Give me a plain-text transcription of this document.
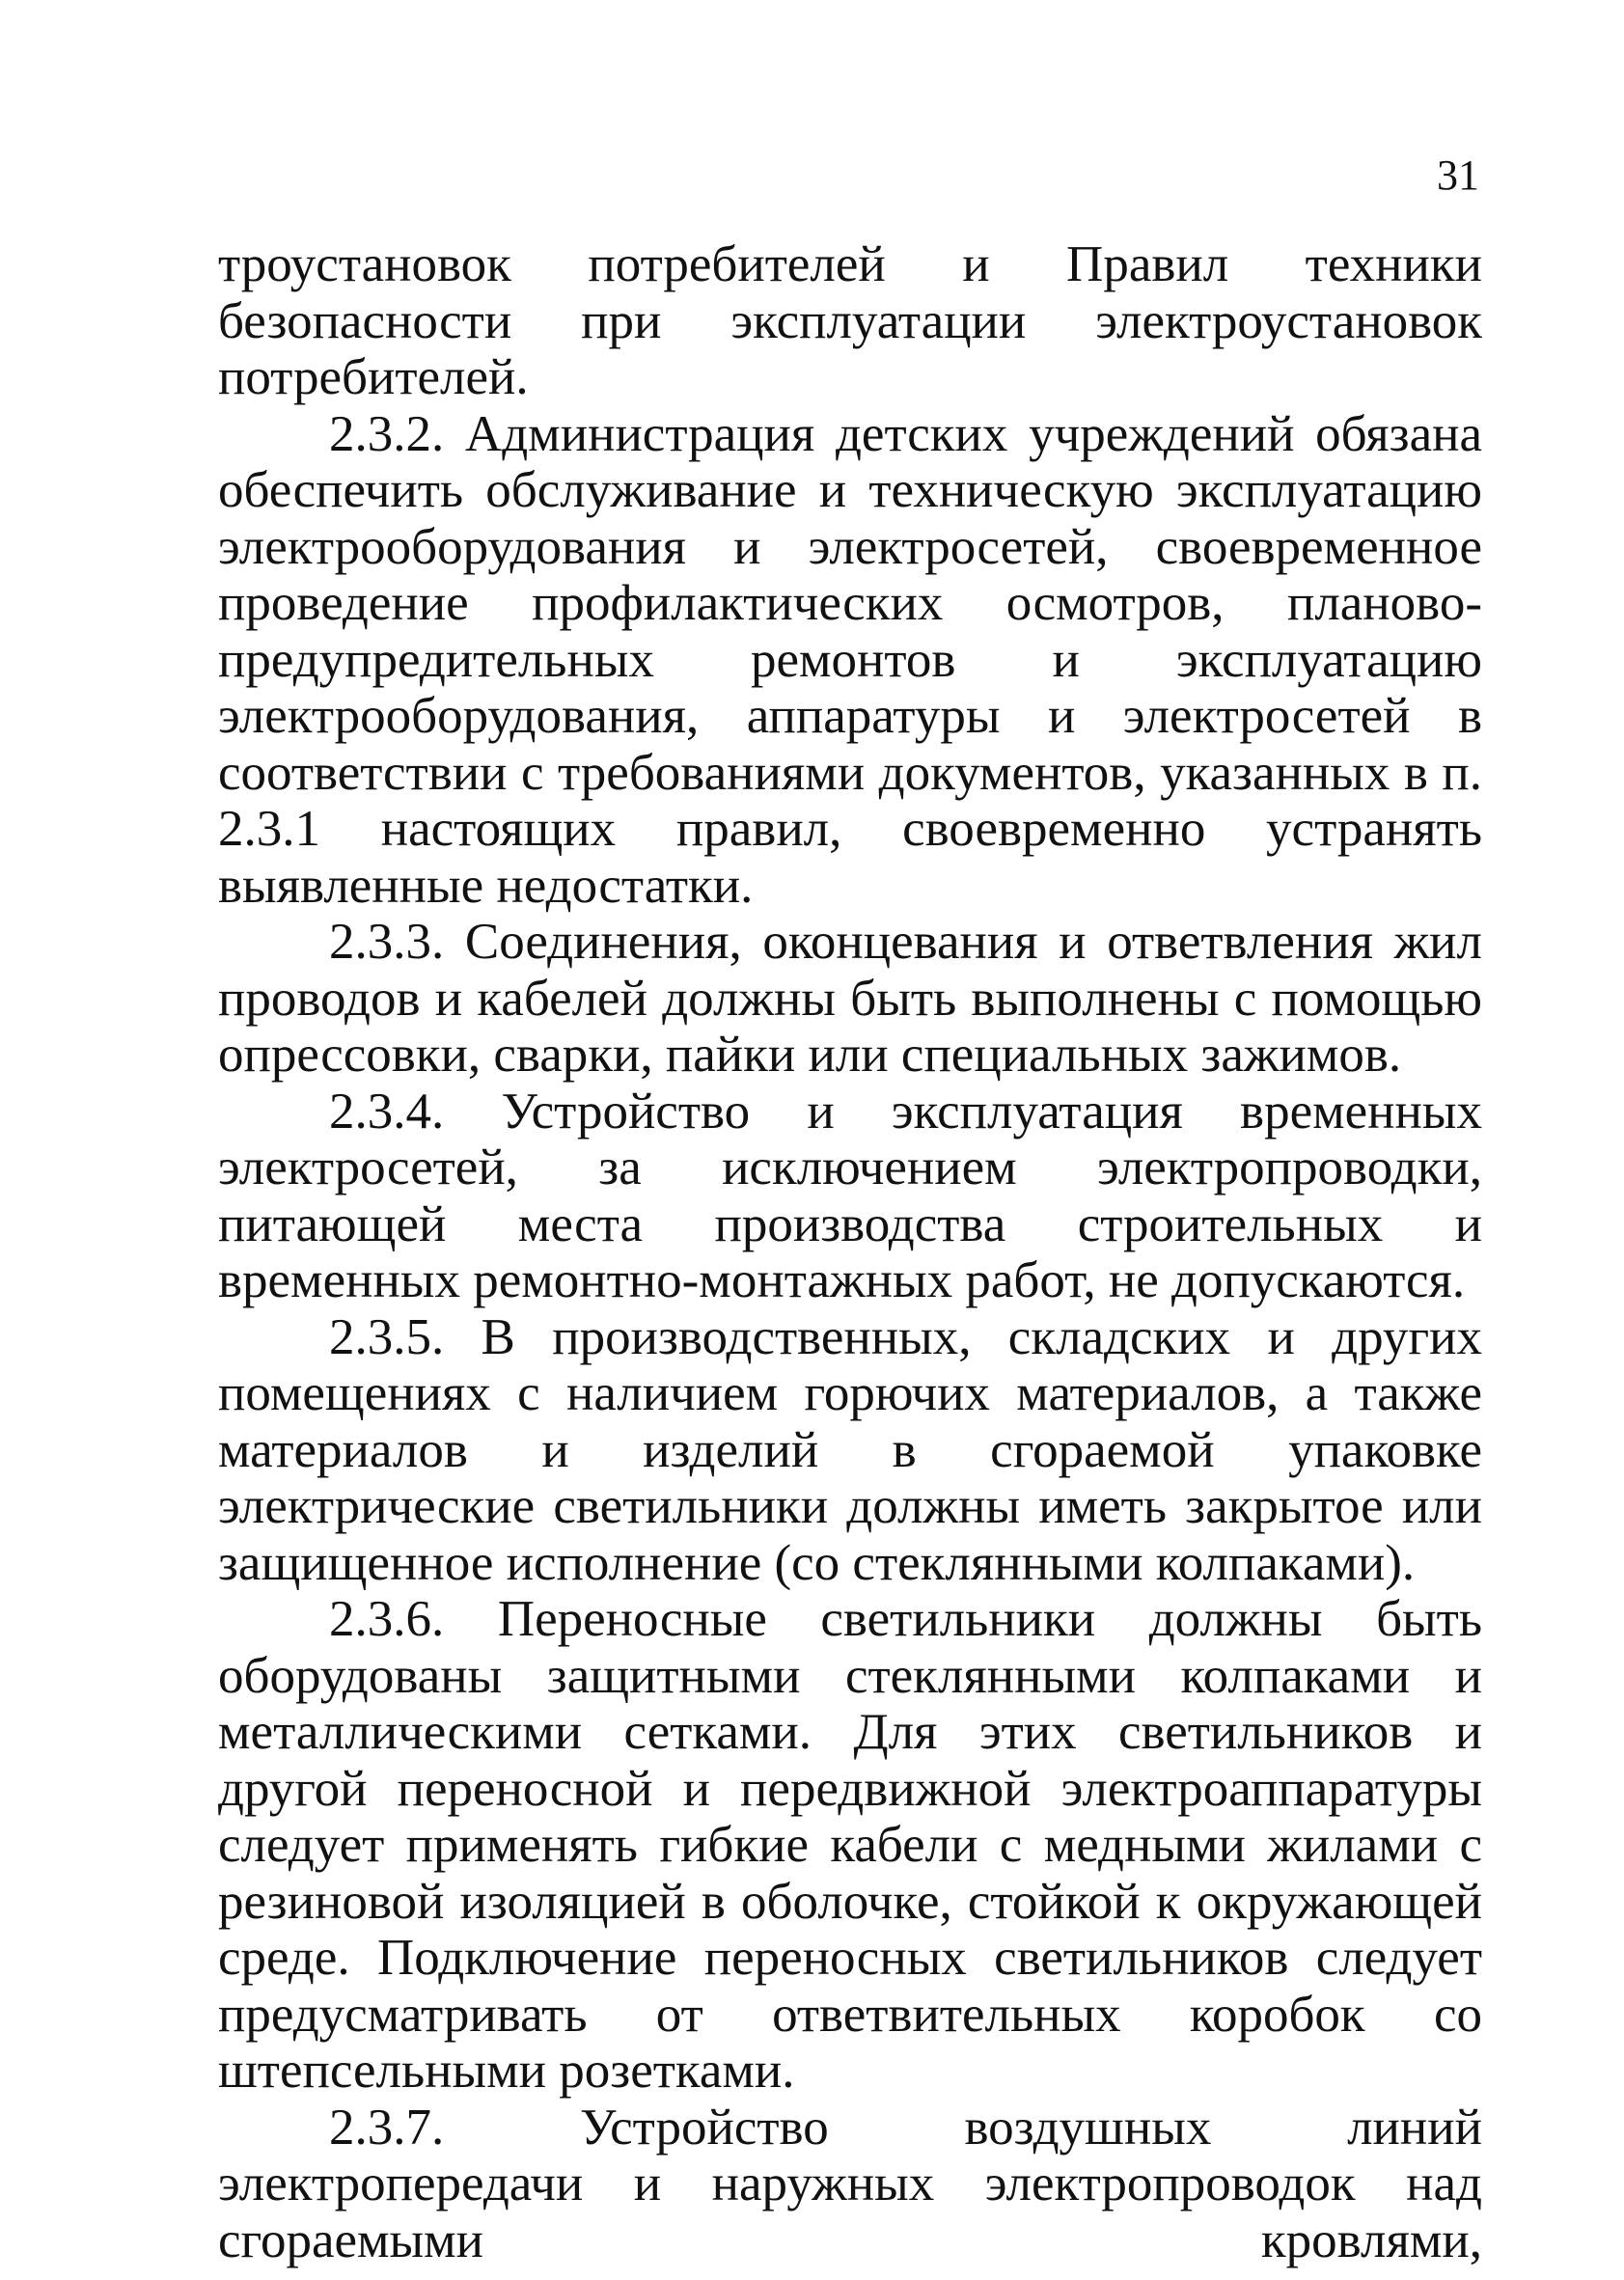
31

троустановок потребителей и Правил техники безопасности при эксплуатации электроустановок потребителей.

2.3.2. Администрация детских учреждений обязана обеспечить обслуживание и техническую эксплуатацию электрооборудования и электросетей, своевременное проведение профилактических осмотров, планово-предупредительных ремонтов и эксплуатацию электрооборудования, аппаратуры и электросетей в соответствии с требованиями документов, указанных в п. 2.3.1 настоящих правил, своевременно устранять выявленные недостатки.

2.3.3. Соединения, оконцевания и ответвления жил проводов и кабелей должны быть выполнены с помощью опрессовки, сварки, пайки или специальных зажимов.

2.3.4. Устройство и эксплуатация временных электросетей, за исключением электропроводки, питающей места производства строительных и временных ремонтно-монтажных работ, не допускаются.

2.3.5. В производственных, складских и других помещениях с наличием горючих материалов, а также материалов и изделий в сгораемой упаковке электрические светильники должны иметь закрытое или защищенное исполнение (со стеклянными колпаками).

2.3.6. Переносные светильники должны быть оборудованы защитными стеклянными колпаками и металлическими сетками. Для этих светильников и другой переносной и передвижной электроаппаратуры следует применять гибкие кабели с медными жилами с резиновой изоляцией в оболочке, стойкой к окружающей среде. Подключение переносных светильников следует предусматривать от ответвительных коробок со штепсельными розетками.

2.3.7. Устройство воздушных линий электропередачи и наружных электропроводок над сгораемыми кровлями,
